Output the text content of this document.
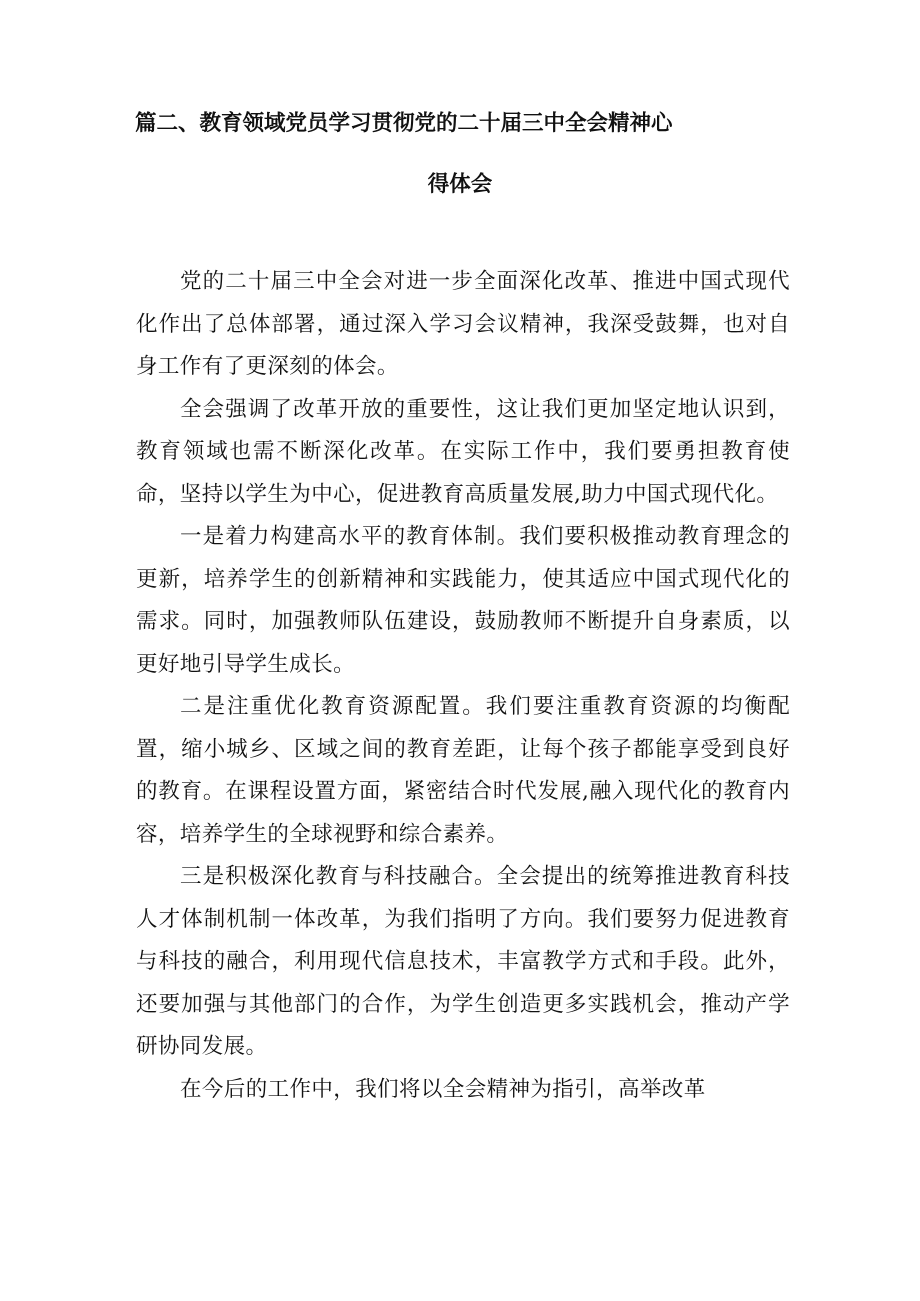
篇二、教育领域党员学习贯彻党的二十届三中全会精神心
得体会

党的二十届三中全会对进一步全面深化改革、推进中国式现代化作出了总体部署，通过深入学习会议精神，我深受鼓舞，也对自身工作有了更深刻的体会。

全会强调了改革开放的重要性，这让我们更加坚定地认识到，教育领域也需不断深化改革。在实际工作中，我们要勇担教育使命，坚持以学生为中心，促进教育高质量发展,助力中国式现代化。

一是着力构建高水平的教育体制。我们要积极推动教育理念的更新，培养学生的创新精神和实践能力，使其适应中国式现代化的需求。同时，加强教师队伍建设，鼓励教师不断提升自身素质，以更好地引导学生成长。

二是注重优化教育资源配置。我们要注重教育资源的均衡配置，缩小城乡、区域之间的教育差距，让每个孩子都能享受到良好的教育。在课程设置方面，紧密结合时代发展,融入现代化的教育内容，培养学生的全球视野和综合素养。

三是积极深化教育与科技融合。全会提出的统筹推进教育科技人才体制机制一体改革，为我们指明了方向。我们要努力促进教育与科技的融合，利用现代信息技术，丰富教学方式和手段。此外，还要加强与其他部门的合作，为学生创造更多实践机会，推动产学研协同发展。

在今后的工作中，我们将以全会精神为指引，高举改革
